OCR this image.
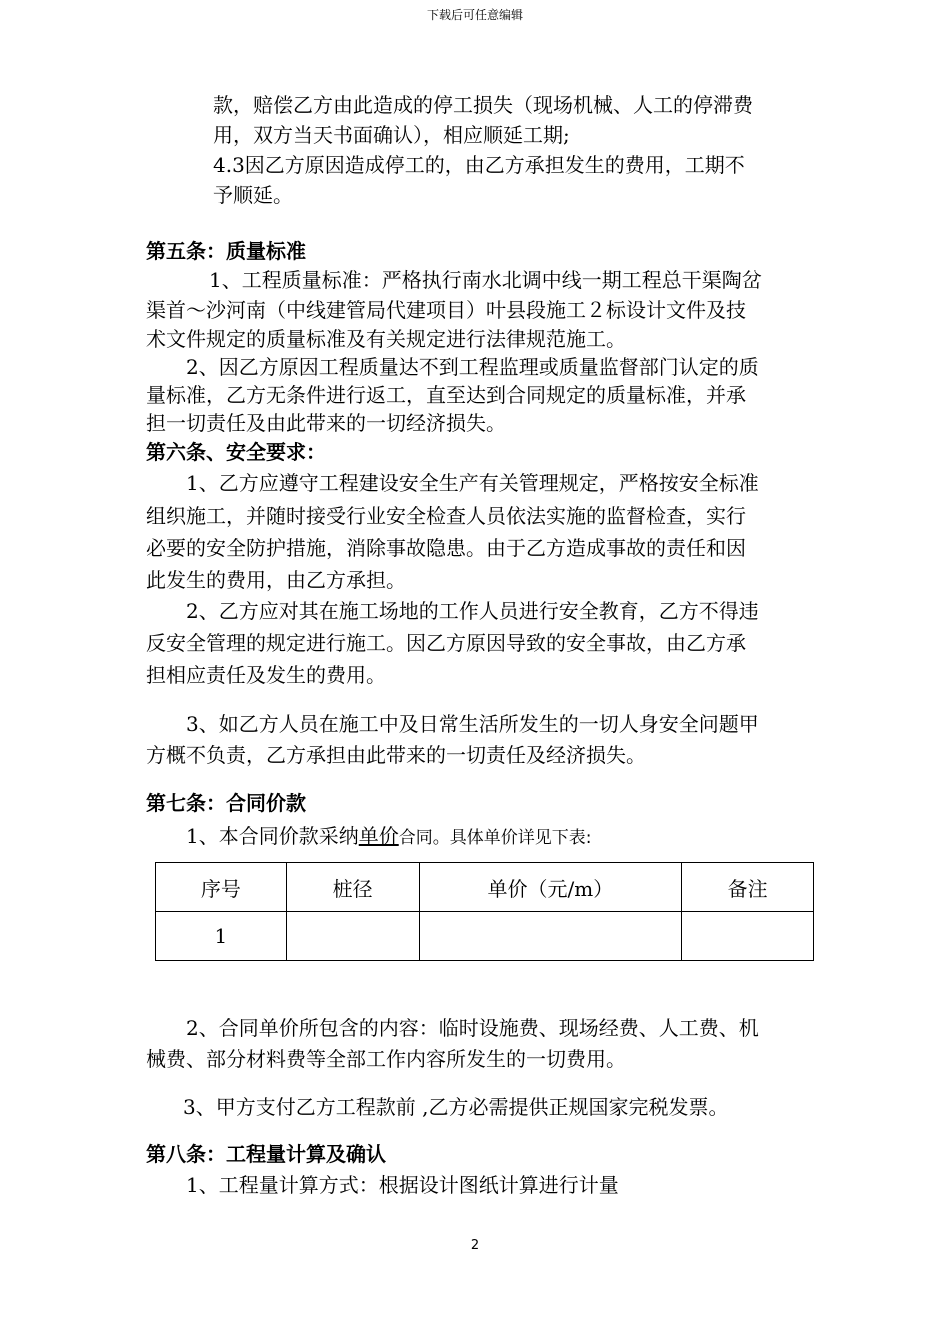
下载后可任意编辑
款，赔偿乙方由此造成的停工损失（现场机械、人工的停滞费
用，双方当天书面确认），相应顺延工期;
4.3因乙方原因造成停工的，由乙方承担发生的费用，工期不
予顺延。
第五条：质量标准
1、工程质量标准：严格执行南水北调中线一期工程总干渠陶岔
渠首～沙河南（中线建管局代建项目）叶县段施工２标设计文件及技
术文件规定的质量标准及有关规定进行法律规范施工。
2、因乙方原因工程质量达不到工程监理或质量监督部门认定的质
量标准，乙方无条件进行返工，直至达到合同规定的质量标准，并承
担一切责任及由此带来的一切经济损失。
第六条、安全要求：
1、乙方应遵守工程建设安全生产有关管理规定，严格按安全标准
组织施工，并随时接受行业安全检查人员依法实施的监督检查，实行
必要的安全防护措施，消除事故隐患。由于乙方造成事故的责任和因
此发生的费用，由乙方承担。
2、乙方应对其在施工场地的工作人员进行安全教育，乙方不得违
反安全管理的规定进行施工。因乙方原因导致的安全事故，由乙方承
担相应责任及发生的费用。
3、如乙方人员在施工中及日常生活所发生的一切人身安全问题甲
方概不负责，乙方承担由此带来的一切责任及经济损失。
第七条：合同价款
1、本合同价款采纳单价合同。具体单价详见下表:
序号	桩径	单价（元/m）	备注
1			
2、合同单价所包含的内容：临时设施费、现场经费、人工费、机
械费、部分材料费等全部工作内容所发生的一切费用。
3、甲方支付乙方工程款前 ,乙方必需提供正规国家完税发票。
第八条：工程量计算及确认
1、工程量计算方式：根据设计图纸计算进行计量
2
